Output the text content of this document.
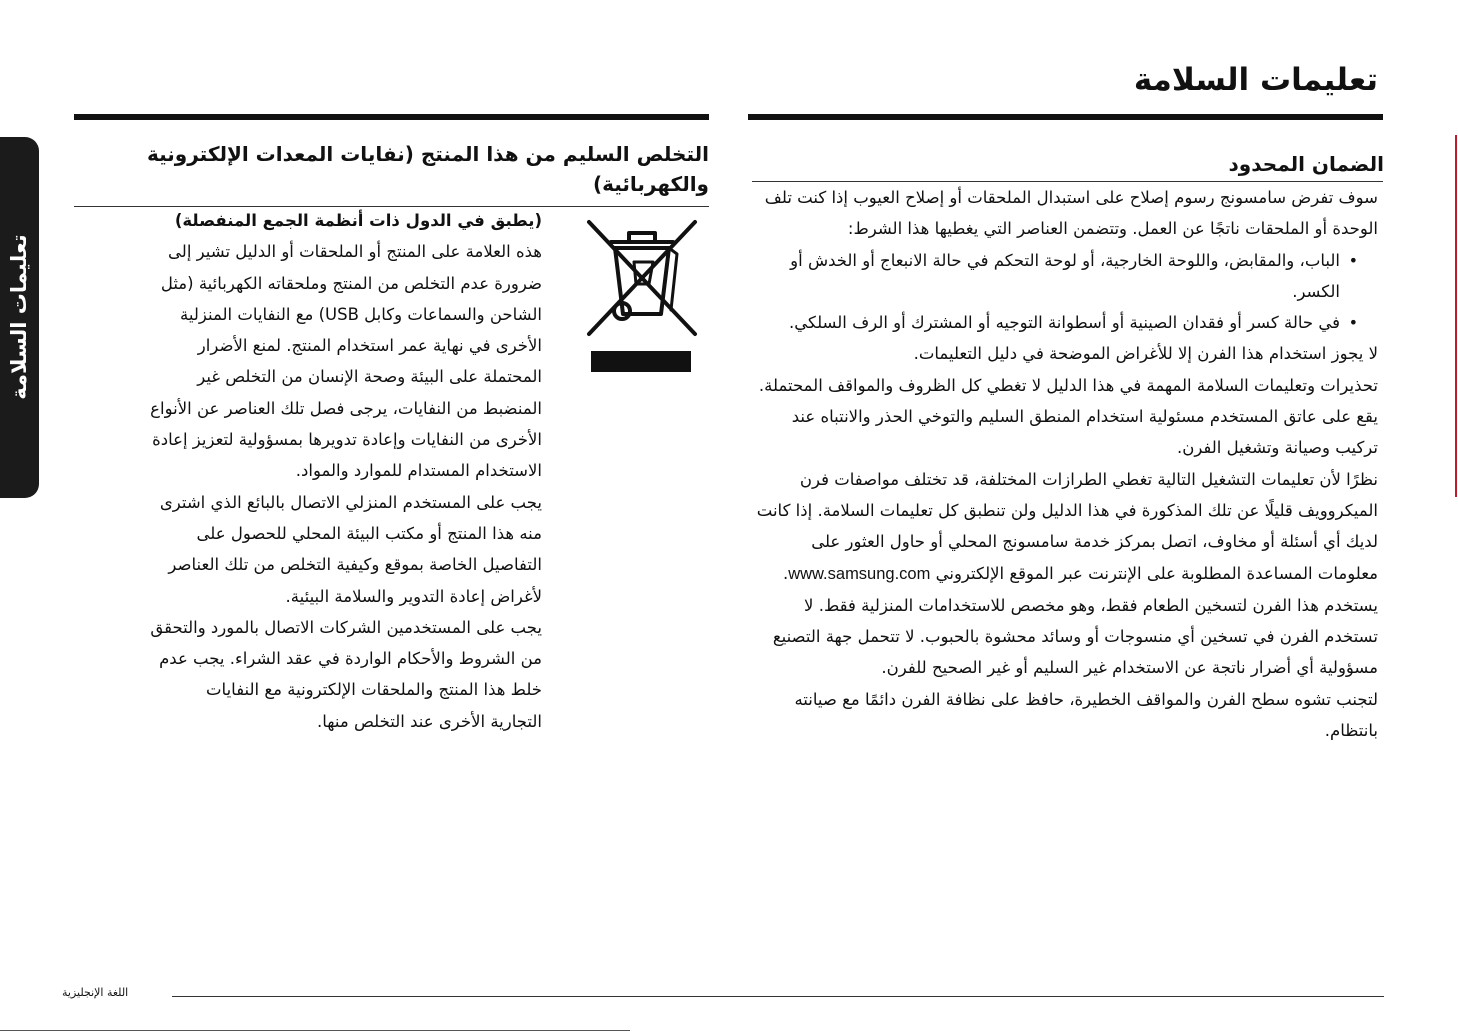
تعليمات السلامة
تعليمات السلامة
الضمان المحدود

سوف تفرض سامسونج رسوم إصلاح على استبدال الملحقات أو إصلاح العيوب إذا كنت تلف الوحدة أو الملحقات ناتجًا عن العمل. وتتضمن العناصر التي يغطيها هذا الشرط:

• الباب، والمقابض، واللوحة الخارجية، أو لوحة التحكم في حالة الانبعاج أو الخدش أو الكسر.
• في حالة كسر أو فقدان الصينية أو أسطوانة التوجيه أو المشترك أو الرف السلكي.

لا يجوز استخدام هذا الفرن إلا للأغراض الموضحة في دليل التعليمات.

تحذيرات وتعليمات السلامة المهمة في هذا الدليل لا تغطي كل الظروف والمواقف المحتملة. يقع على عاتق المستخدم مسئولية استخدام المنطق السليم والتوخي الحذر والانتباه عند تركيب وصيانة وتشغيل الفرن.

نظرًا لأن تعليمات التشغيل التالية تغطي الطرازات المختلفة، قد تختلف مواصفات فرن الميكروويف قليلًا عن تلك المذكورة في هذا الدليل ولن تنطبق كل تعليمات السلامة. إذا كانت لديك أي أسئلة أو مخاوف، اتصل بمركز خدمة سامسونج المحلي أو حاول العثور على معلومات المساعدة المطلوبة على الإنترنت عبر الموقع الإلكتروني www.samsung.com.

يستخدم هذا الفرن لتسخين الطعام فقط، وهو مخصص للاستخدامات المنزلية فقط. لا تستخدم الفرن في تسخين أي منسوجات أو وسائد محشوة بالحبوب. لا تتحمل جهة التصنيع مسؤولية أي أضرار ناتجة عن الاستخدام غير السليم أو غير الصحيح للفرن.

لتجنب تشوه سطح الفرن والمواقف الخطيرة، حافظ على نظافة الفرن دائمًا مع صيانته بانتظام.

التخلص السليم من هذا المنتج (نفايات المعدات الإلكترونية والكهربائية)

(يطبق في الدول ذات أنظمة الجمع المنفصلة)

هذه العلامة على المنتج أو الملحقات أو الدليل تشير إلى ضرورة عدم التخلص من المنتج وملحقاته الكهربائية (مثل الشاحن والسماعات وكابل USB) مع النفايات المنزلية الأخرى في نهاية عمر استخدام المنتج. لمنع الأضرار المحتملة على البيئة وصحة الإنسان من التخلص غير المنضبط من النفايات، يرجى فصل تلك العناصر عن الأنواع الأخرى من النفايات وإعادة تدويرها بمسؤولية لتعزيز إعادة الاستخدام المستدام للموارد والمواد.

يجب على المستخدم المنزلي الاتصال بالبائع الذي اشترى منه هذا المنتج أو مكتب البيئة المحلي للحصول على التفاصيل الخاصة بموقع وكيفية التخلص من تلك العناصر لأغراض إعادة التدوير والسلامة البيئية.

يجب على المستخدمين الشركات الاتصال بالمورد والتحقق من الشروط والأحكام الواردة في عقد الشراء. يجب عدم خلط هذا المنتج والملحقات الإلكترونية مع النفايات التجارية الأخرى عند التخلص منها.

اللغة الإنجليزية
